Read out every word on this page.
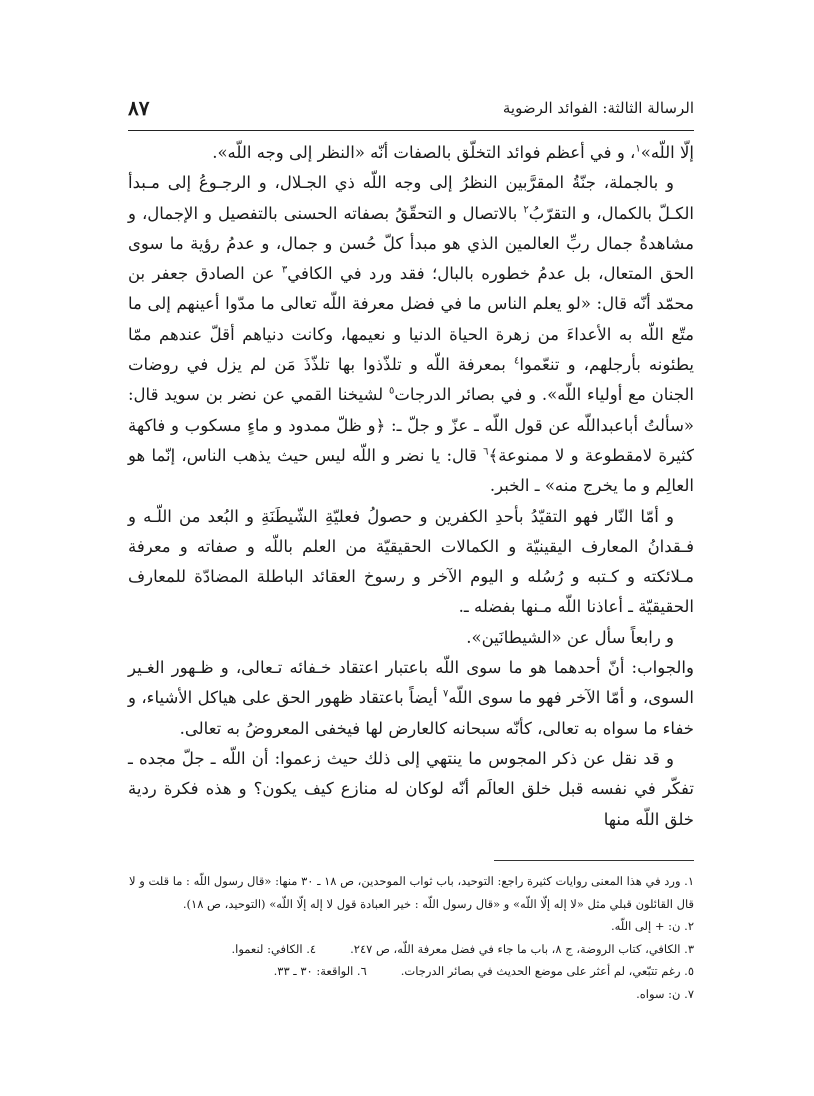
الرسالة الثالثة: الفوائد الرضوية
٨٧

إلّا اللّه»$^١$، و في أعظم فوائد التخلّق بالصفات أنّه «النظر إلى وجه اللّه».

و بالجملة، جنّةُ المقرَّبين النظرُ إلى وجه اللّه ذي الجـلال، و الرجـوعُ إلى مـبدأ الكـلّ بالكمال، و التقرّبُ$^٢$ بالاتصال و التحقّقُ بصفاته الحسنى بالتفصيل و الإجمال، و مشاهدةُ جمال ربِّ العالمين الذي هو مبدأ كلّ حُسن و جمال، و عدمُ رؤية ما سوى الحق المتعال، بل عدمُ خطوره بالبال؛ فقد ورد في الكافي$^٣$ عن الصادق جعفر بن محمّد أنّه قال: «لو يعلم الناس ما في فضل معرفة اللّه تعالى ما مدّوا أعينهم إلى ما متّع اللّه به الأعداءَ من زهرة الحياة الدنيا و نعيمها، وكانت دنياهم أقلّ عندهم ممّا يطئونه بأرجلهم، و تنعّموا$^٤$ بمعرفة اللّه و تلذّذوا بها تلذّذَ مَن لم يزل في روضات الجنان مع أولياء اللّه». و في بصائر الدرجات$^٥$ لشيخنا القمي عن نضر بن سويد قال: «سألتُ أباعبداللّه عن قول اللّه ـ عزّ و جلّ ـ: ﴿و ظلّ ممدود و ماءٍ مسكوب و فاكهة كثيرة لامقطوعة و لا ممنوعة﴾$^٦$ قال: يا نضر و اللّه ليس حيث يذهب الناس، إنّما هو العالِم و ما يخرج منه» ـ الخبر.

و أمّا النّار فهو التقيّدُ بأحدِ الكفرين و حصولُ فعليّةِ الشّيطَنَةِ و البُعد من اللّـه و فـقدانُ المعارف اليقينيّة و الكمالات الحقيقيّة من العلم باللّه و صفاته و معرفة مـلائكته و كـتبه و رُسُله و اليوم الآخر و رسوخ العقائد الباطلة المضادّة للمعارف الحقيقيّة ـ أعاذنا اللّه مـنها بفضله ـ.

و رابعاً سأل عن «الشيطانَين».

والجواب: أنّ أحدهما هو ما سوى اللّه باعتبار اعتقاد خـفائه تـعالى، و ظـهور الغـير السوى، و أمّا الآخر فهو ما سوى اللّه$^٧$ أيضاً باعتقاد ظهور الحق على هياكل الأشياء، و خفاء ما سواه به تعالى، كأنّه سبحانه كالعارض لها فيخفى المعروضُ به تعالى.

و قد نقل عن ذكر المجوس ما ينتهي إلى ذلك حيث زعموا: أن اللّه ـ جلّ مجده ـ تفكّر في نفسه قبل خلق العالَم أنّه لوكان له منازع كيف يكون؟ و هذه فكرة ردية خلق اللّه منها

١. ورد في هذا المعنى روايات كثيرة راجع: التوحيد، باب ثواب الموحدين، ص ١٨ ـ ٣٠ منها: «قال رسول اللّه : ما قلت و لا قال القائلون قبلي مثل «لا إله إلّا اللّه» و «قال رسول اللّه : خير العبادة قول لا إله إلّا اللّه» (التوحيد، ص ١٨).
٢. ن: + إلى اللّه.
٣. الكافي، كتاب الروضة، ج ٨، باب ما جاء في فضل معرفة اللّه، ص ٢٤٧.
٤. الكافي: لنعموا.
٥. رغم تتبّعي، لم أعثر على موضع الحديث في بصائر الدرجات.
٦. الواقعة: ٣٠ ـ ٣٣.
٧. ن: سواه.
